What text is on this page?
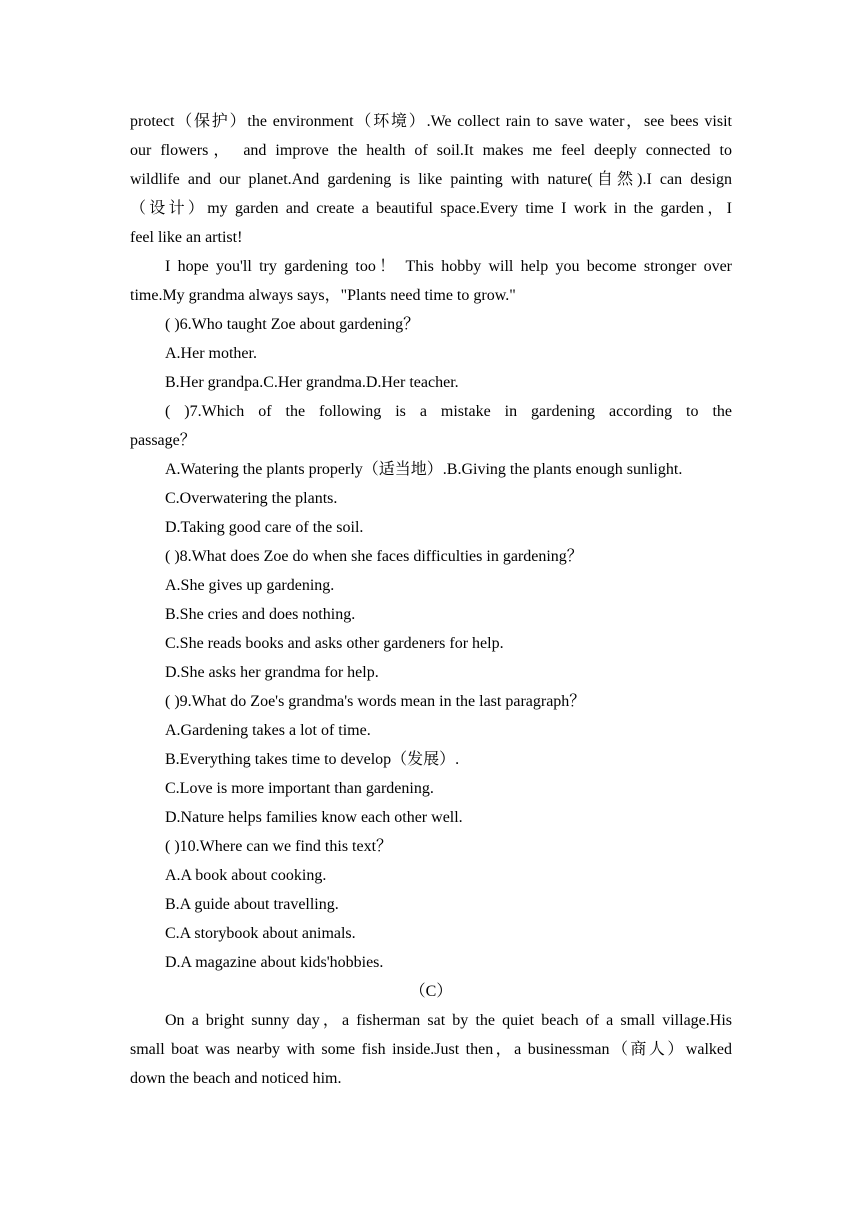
protect（保护）the environment（环境）.We collect rain to save water，see bees visit
our flowers， and improve the health of soil.It makes me feel deeply connected to
wildlife and our planet.And gardening is like painting with nature(自然).I can design
（设计）my garden and create a beautiful space.Every time I work in the garden，I
feel like an artist!
I hope you'll try gardening too！ This hobby will help you become stronger over
time.My grandma always says，"Plants need time to grow."
( )6.Who taught Zoe about gardening？
A.Her mother.
B.Her grandpa.C.Her grandma.D.Her teacher.
( )7.Which of the following is a mistake in gardening according to the
passage？
A.Watering the plants properly（适当地）.B.Giving the plants enough sunlight.
C.Overwatering the plants.
D.Taking good care of the soil.
( )8.What does Zoe do when she faces difficulties in gardening？
A.She gives up gardening.
B.She cries and does nothing.
C.She reads books and asks other gardeners for help.
D.She asks her grandma for help.
( )9.What do Zoe's grandma's words mean in the last paragraph？
A.Gardening takes a lot of time.
B.Everything takes time to develop（发展）.
C.Love is more important than gardening.
D.Nature helps families know each other well.
( )10.Where can we find this text？
A.A book about cooking.
B.A guide about travelling.
C.A storybook about animals.
D.A magazine about kids'hobbies.
（C）
On a bright sunny day，a fisherman sat by the quiet beach of a small village.His
small boat was nearby with some fish inside.Just then，a businessman（商人）walked
down the beach and noticed him.
